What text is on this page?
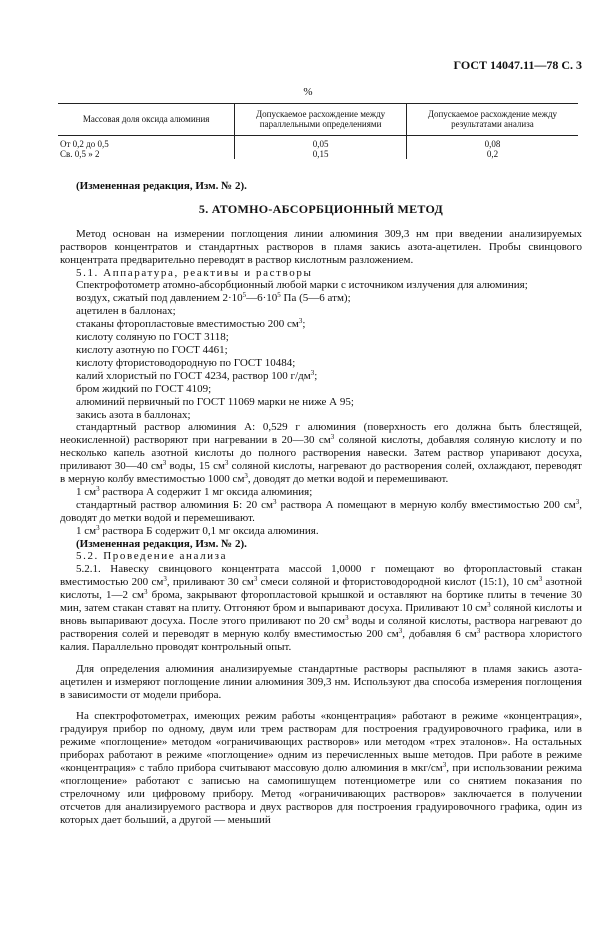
ГОСТ 14047.11—78 С. 3
%
Массовая доля оксида алюминия	Допускаемое расхождение между параллельными определениями	Допускаемое расхождение между результатами анализа
От 0,2 до 0,5	0,05	0,08
Св. 0,5 » 2	0,15	0,2

(Измененная редакция, Изм. № 2).

5. АТОМНО-АБСОРБЦИОННЫЙ МЕТОД

Метод основан на измерении поглощения линии алюминия 309,3 нм при введении анализируемых растворов концентратов и стандартных растворов в пламя закись азота-ацетилен. Пробы свинцового концентрата предварительно переводят в раствор кислотным разложением.

5.1. Аппаратура, реактивы и растворы

Спектрофотометр атомно-абсорбционный любой марки с источником излучения для алюминия;

воздух, сжатый под давлением $2\cdot 10^5—6\cdot 10^5$ Па (5—6 атм);

ацетилен в баллонах;

стаканы фторопластовые вместимостью 200 $см^3$;

кислоту соляную по ГОСТ 3118;

кислоту азотную по ГОСТ 4461;

кислоту фтористоводородную по ГОСТ 10484;

калий хлористый по ГОСТ 4234, раствор 100 $г/дм^3$;

бром жидкий по ГОСТ 4109;

алюминий первичный по ГОСТ 11069 марки не ниже А 95;

закись азота в баллонах;

стандартный раствор алюминия А: 0,529 г алюминия (поверхность его должна быть блестящей, неокисленной) растворяют при нагревании в 20—30 $см^3$ соляной кислоты, добавляя соляную кислоту и по несколько капель азотной кислоты до полного растворения навески. Затем раствор упаривают досуха, приливают 30—40 $см^3$ воды, 15 $см^3$ соляной кислоты, нагревают до растворения солей, охлаждают, переводят в мерную колбу вместимостью 1000 $см^3$, доводят до метки водой и перемешивают.

1 $см^3$ раствора А содержит 1 мг оксида алюминия;

стандартный раствор алюминия Б: 20 $см^3$ раствора А помещают в мерную колбу вместимостью 200 $см^3$, доводят до метки водой и перемешивают.

1 $см^3$ раствора Б содержит 0,1 мг оксида алюминия.

(Измененная редакция, Изм. № 2).

5.2. Проведение анализа

5.2.1. Навеску свинцового концентрата массой 1,0000 г помещают во фторопластовый стакан вместимостью 200 $см^3$, приливают 30 $см^3$ смеси соляной и фтористоводородной кислот (15:1), 10 $см^3$ азотной кислоты, 1—2 $см^3$ брома, закрывают фторопластовой крышкой и оставляют на бортике плиты в течение 30 мин, затем стакан ставят на плиту. Отгоняют бром и выпаривают досуха. Приливают 10 $см^3$ соляной кислоты и вновь выпаривают досуха. После этого приливают по 20 $см^3$ воды и соляной кислоты, раствора нагревают до растворения солей и переводят в мерную колбу вместимостью 200 $см^3$, добавляя 6 $см^3$ раствора хлористого калия. Параллельно проводят контрольный опыт.

Для определения алюминия анализируемые стандартные растворы распыляют в пламя закись азота-ацетилен и измеряют поглощение линии алюминия 309,3 нм. Используют два способа измерения поглощения в зависимости от модели прибора.

На спектрофотометрах, имеющих режим работы «концентрация» работают в режиме «концентрация», градуируя прибор по одному, двум или трем растворам для построения градуировочного графика, или в режиме «поглощение» методом «ограничивающих растворов» или методом «трех эталонов». На остальных приборах работают в режиме «поглощение» одним из перечисленных выше методов. При работе в режиме «концентрация» с табло прибора считывают массовую долю алюминия в мкг/$см^3$, при использовании режима «поглощение» работают с записью на самопишущем потенциометре или со снятием показания по стрелочному или цифровому прибору. Метод «ограничивающих растворов» заключается в получении отсчетов для анализируемого раствора и двух растворов для построения градуировочного графика, один из которых дает больший, а другой — меньший
